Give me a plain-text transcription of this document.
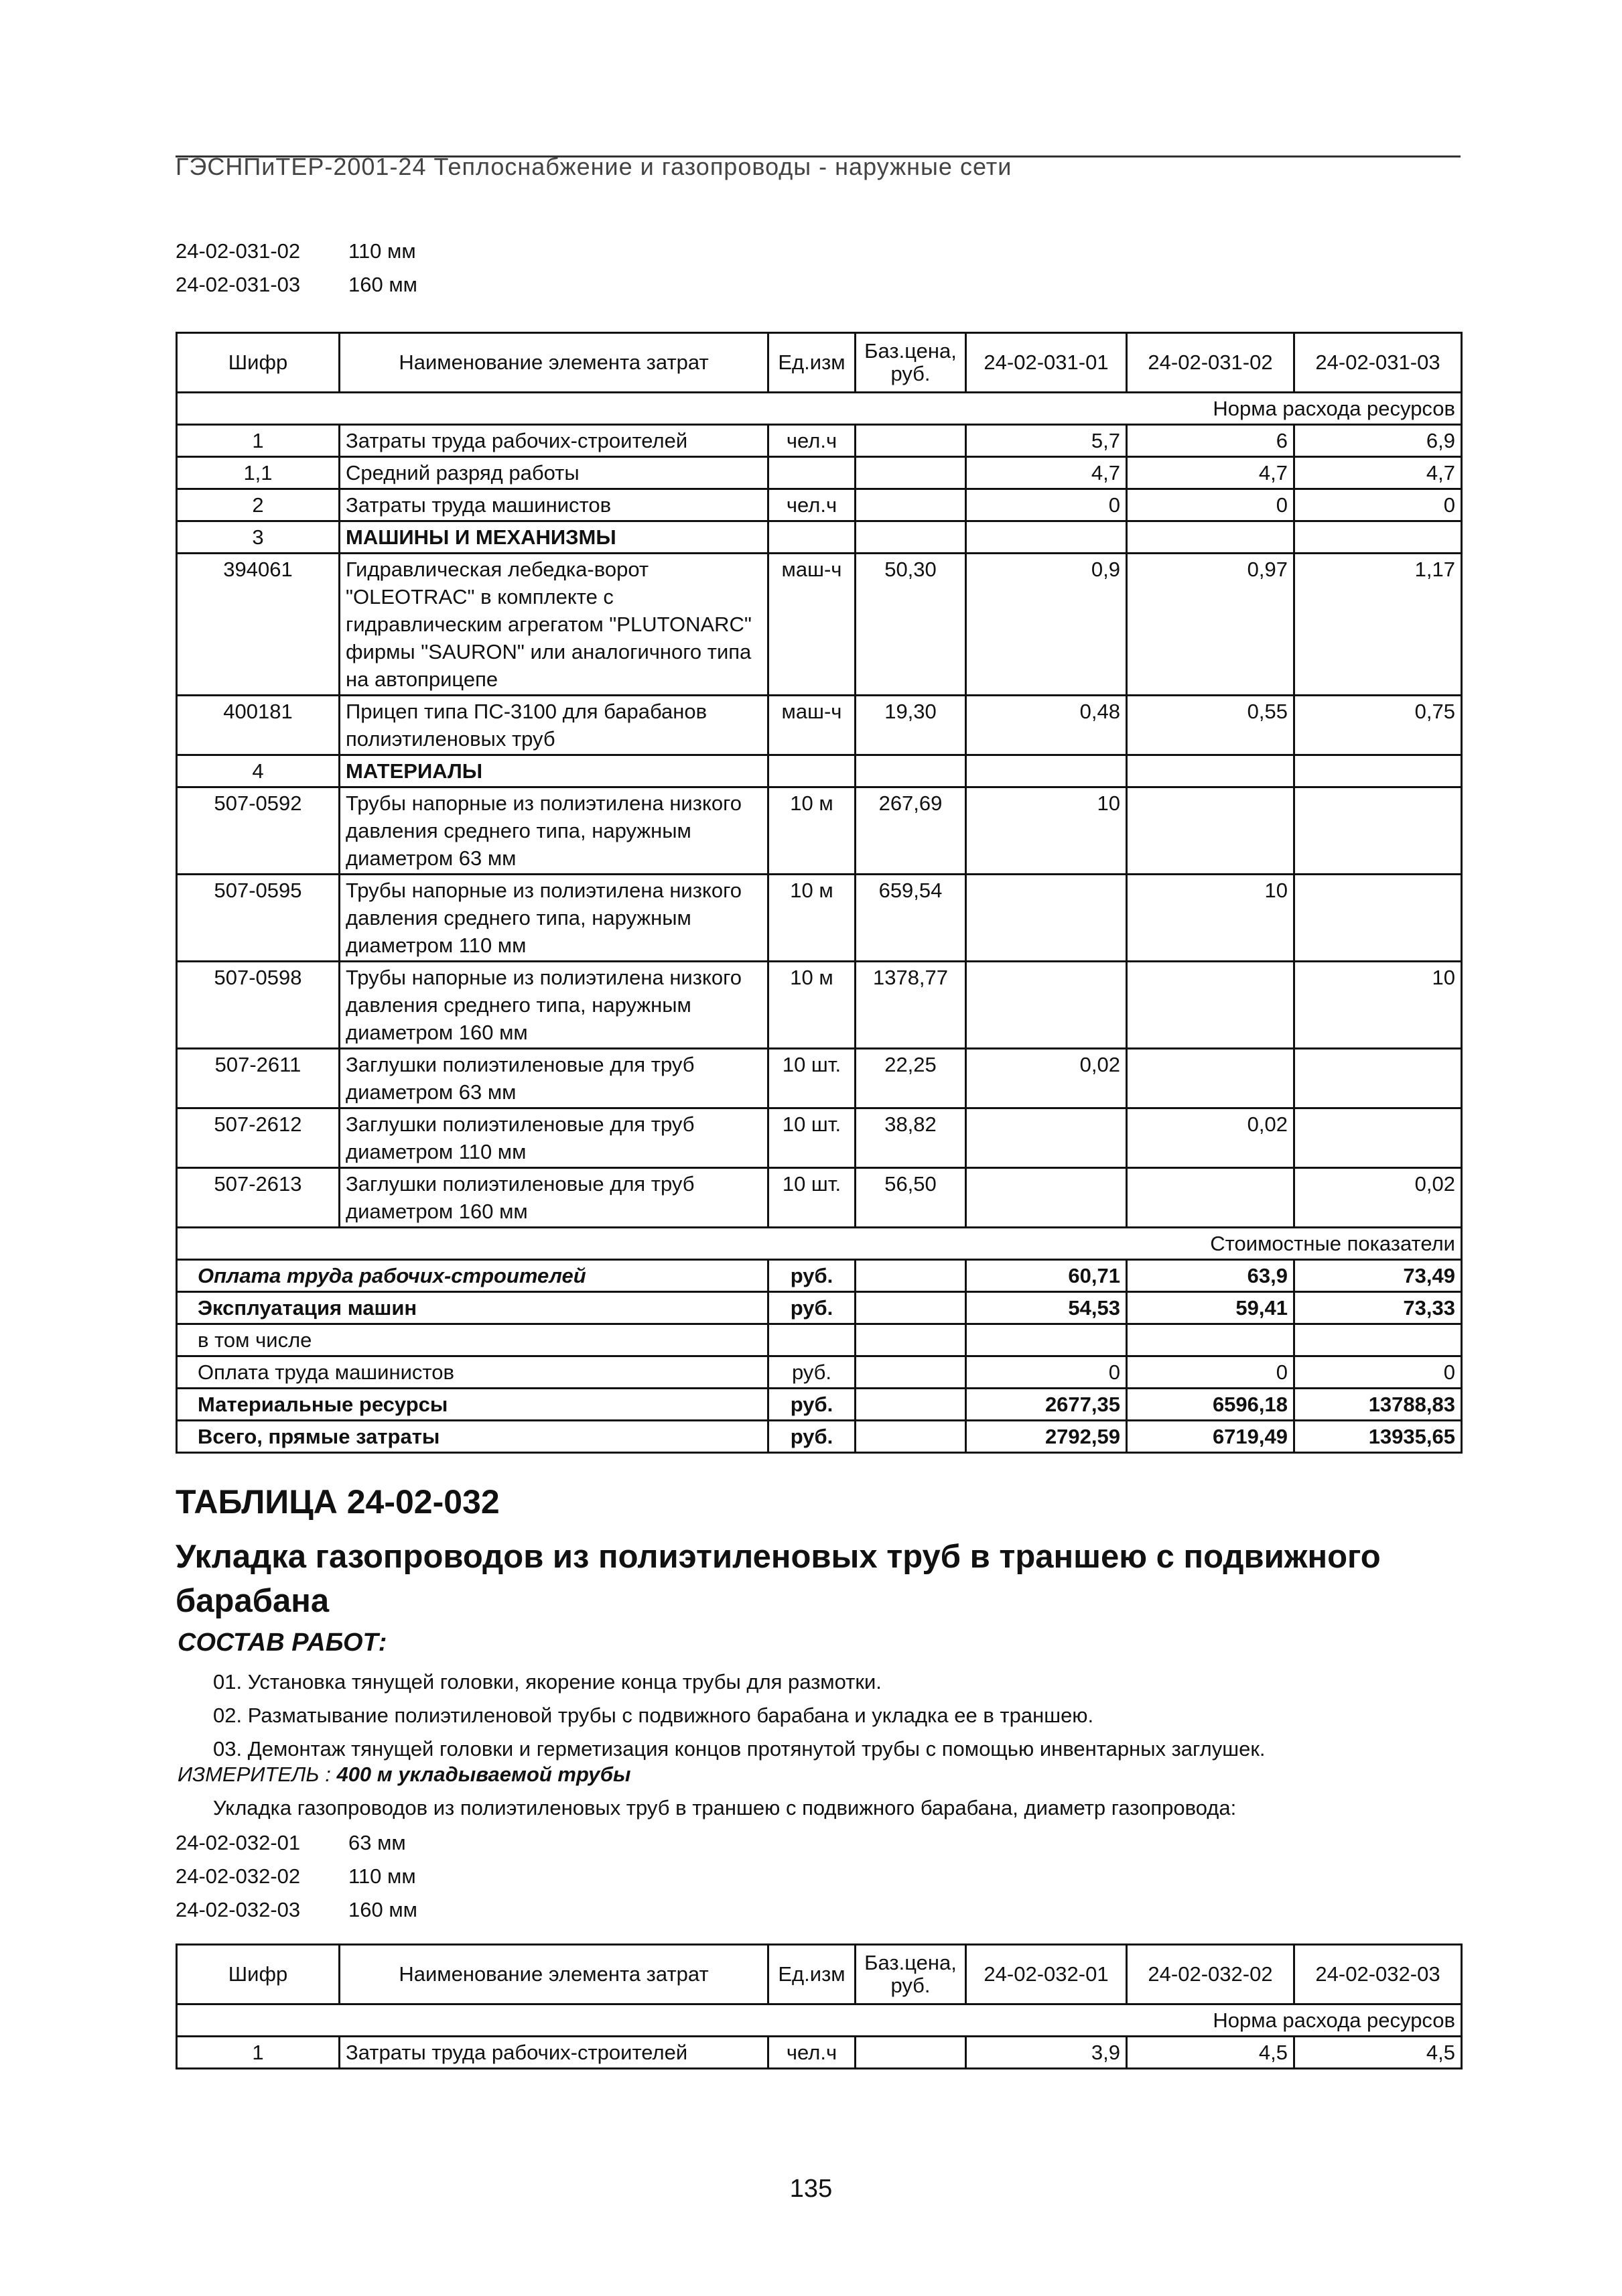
ГЭСНПиТЕР-2001-24 Теплоснабжение и газопроводы - наружные сети
24-02-031-02 110 мм
24-02-031-03 160 мм
Шифр	Наименование элемента затрат	Ед.изм	Баз.цена, руб.	24-02-031-01	24-02-031-02	24-02-031-03
Норма расхода ресурсов						
1	Затраты труда рабочих-строителей	чел.ч		5,7	6	6,9
1,1	Средний разряд работы			4,7	4,7	4,7
2	Затраты труда машинистов	чел.ч		0	0	0
3	МАШИНЫ И МЕХАНИЗМЫ					
394061	Гидравлическая лебедка-ворот "OLEOTRAC" в комплекте с гидравлическим агрегатом "PLUTONARC" фирмы "SAURON" или аналогичного типа на автоприцепе	маш-ч	50,30	0,9	0,97	1,17
400181	Прицеп типа ПС-3100 для барабанов полиэтиленовых труб	маш-ч	19,30	0,48	0,55	0,75
4	МАТЕРИАЛЫ					
507-0592	Трубы напорные из полиэтилена низкого давления среднего типа, наружным диаметром 63 мм	10 м	267,69	10		
507-0595	Трубы напорные из полиэтилена низкого давления среднего типа, наружным диаметром 110 мм	10 м	659,54		10	
507-0598	Трубы напорные из полиэтилена низкого давления среднего типа, наружным диаметром 160 мм	10 м	1378,77			10
507-2611	Заглушки полиэтиленовые для труб диаметром 63 мм	10 шт.	22,25	0,02		
507-2612	Заглушки полиэтиленовые для труб диаметром 110 мм	10 шт.	38,82		0,02	
507-2613	Заглушки полиэтиленовые для труб диаметром 160 мм	10 шт.	56,50			0,02
Стоимостные показатели						
Оплата труда рабочих-строителей		руб.		60,71	63,9	73,49
Эксплуатация машин		руб.		54,53	59,41	73,33
в том числе						
Оплата труда машинистов		руб.		0	0	0
Материальные ресурсы		руб.		2677,35	6596,18	13788,83
Всего, прямые затраты		руб.		2792,59	6719,49	13935,65
ТАБЛИЦА 24-02-032
Укладка газопроводов из полиэтиленовых труб в траншею с подвижного барабана
СОСТАВ РАБОТ:
01. Установка тянущей головки, якорение конца трубы для размотки.
02. Разматывание полиэтиленовой трубы с подвижного барабана и укладка ее в траншею.
03. Демонтаж тянущей головки и герметизация концов протянутой трубы с помощью инвентарных заглушек.
ИЗМЕРИТЕЛЬ : 400 м укладываемой трубы
Укладка газопроводов из полиэтиленовых труб в траншею с подвижного барабана, диаметр газопровода:
24-02-032-01 63 мм
24-02-032-02 110 мм
24-02-032-03 160 мм
Шифр	Наименование элемента затрат	Ед.изм	Баз.цена, руб.	24-02-032-01	24-02-032-02	24-02-032-03
Норма расхода ресурсов						
1	Затраты труда рабочих-строителей	чел.ч		3,9	4,5	4,5
135
